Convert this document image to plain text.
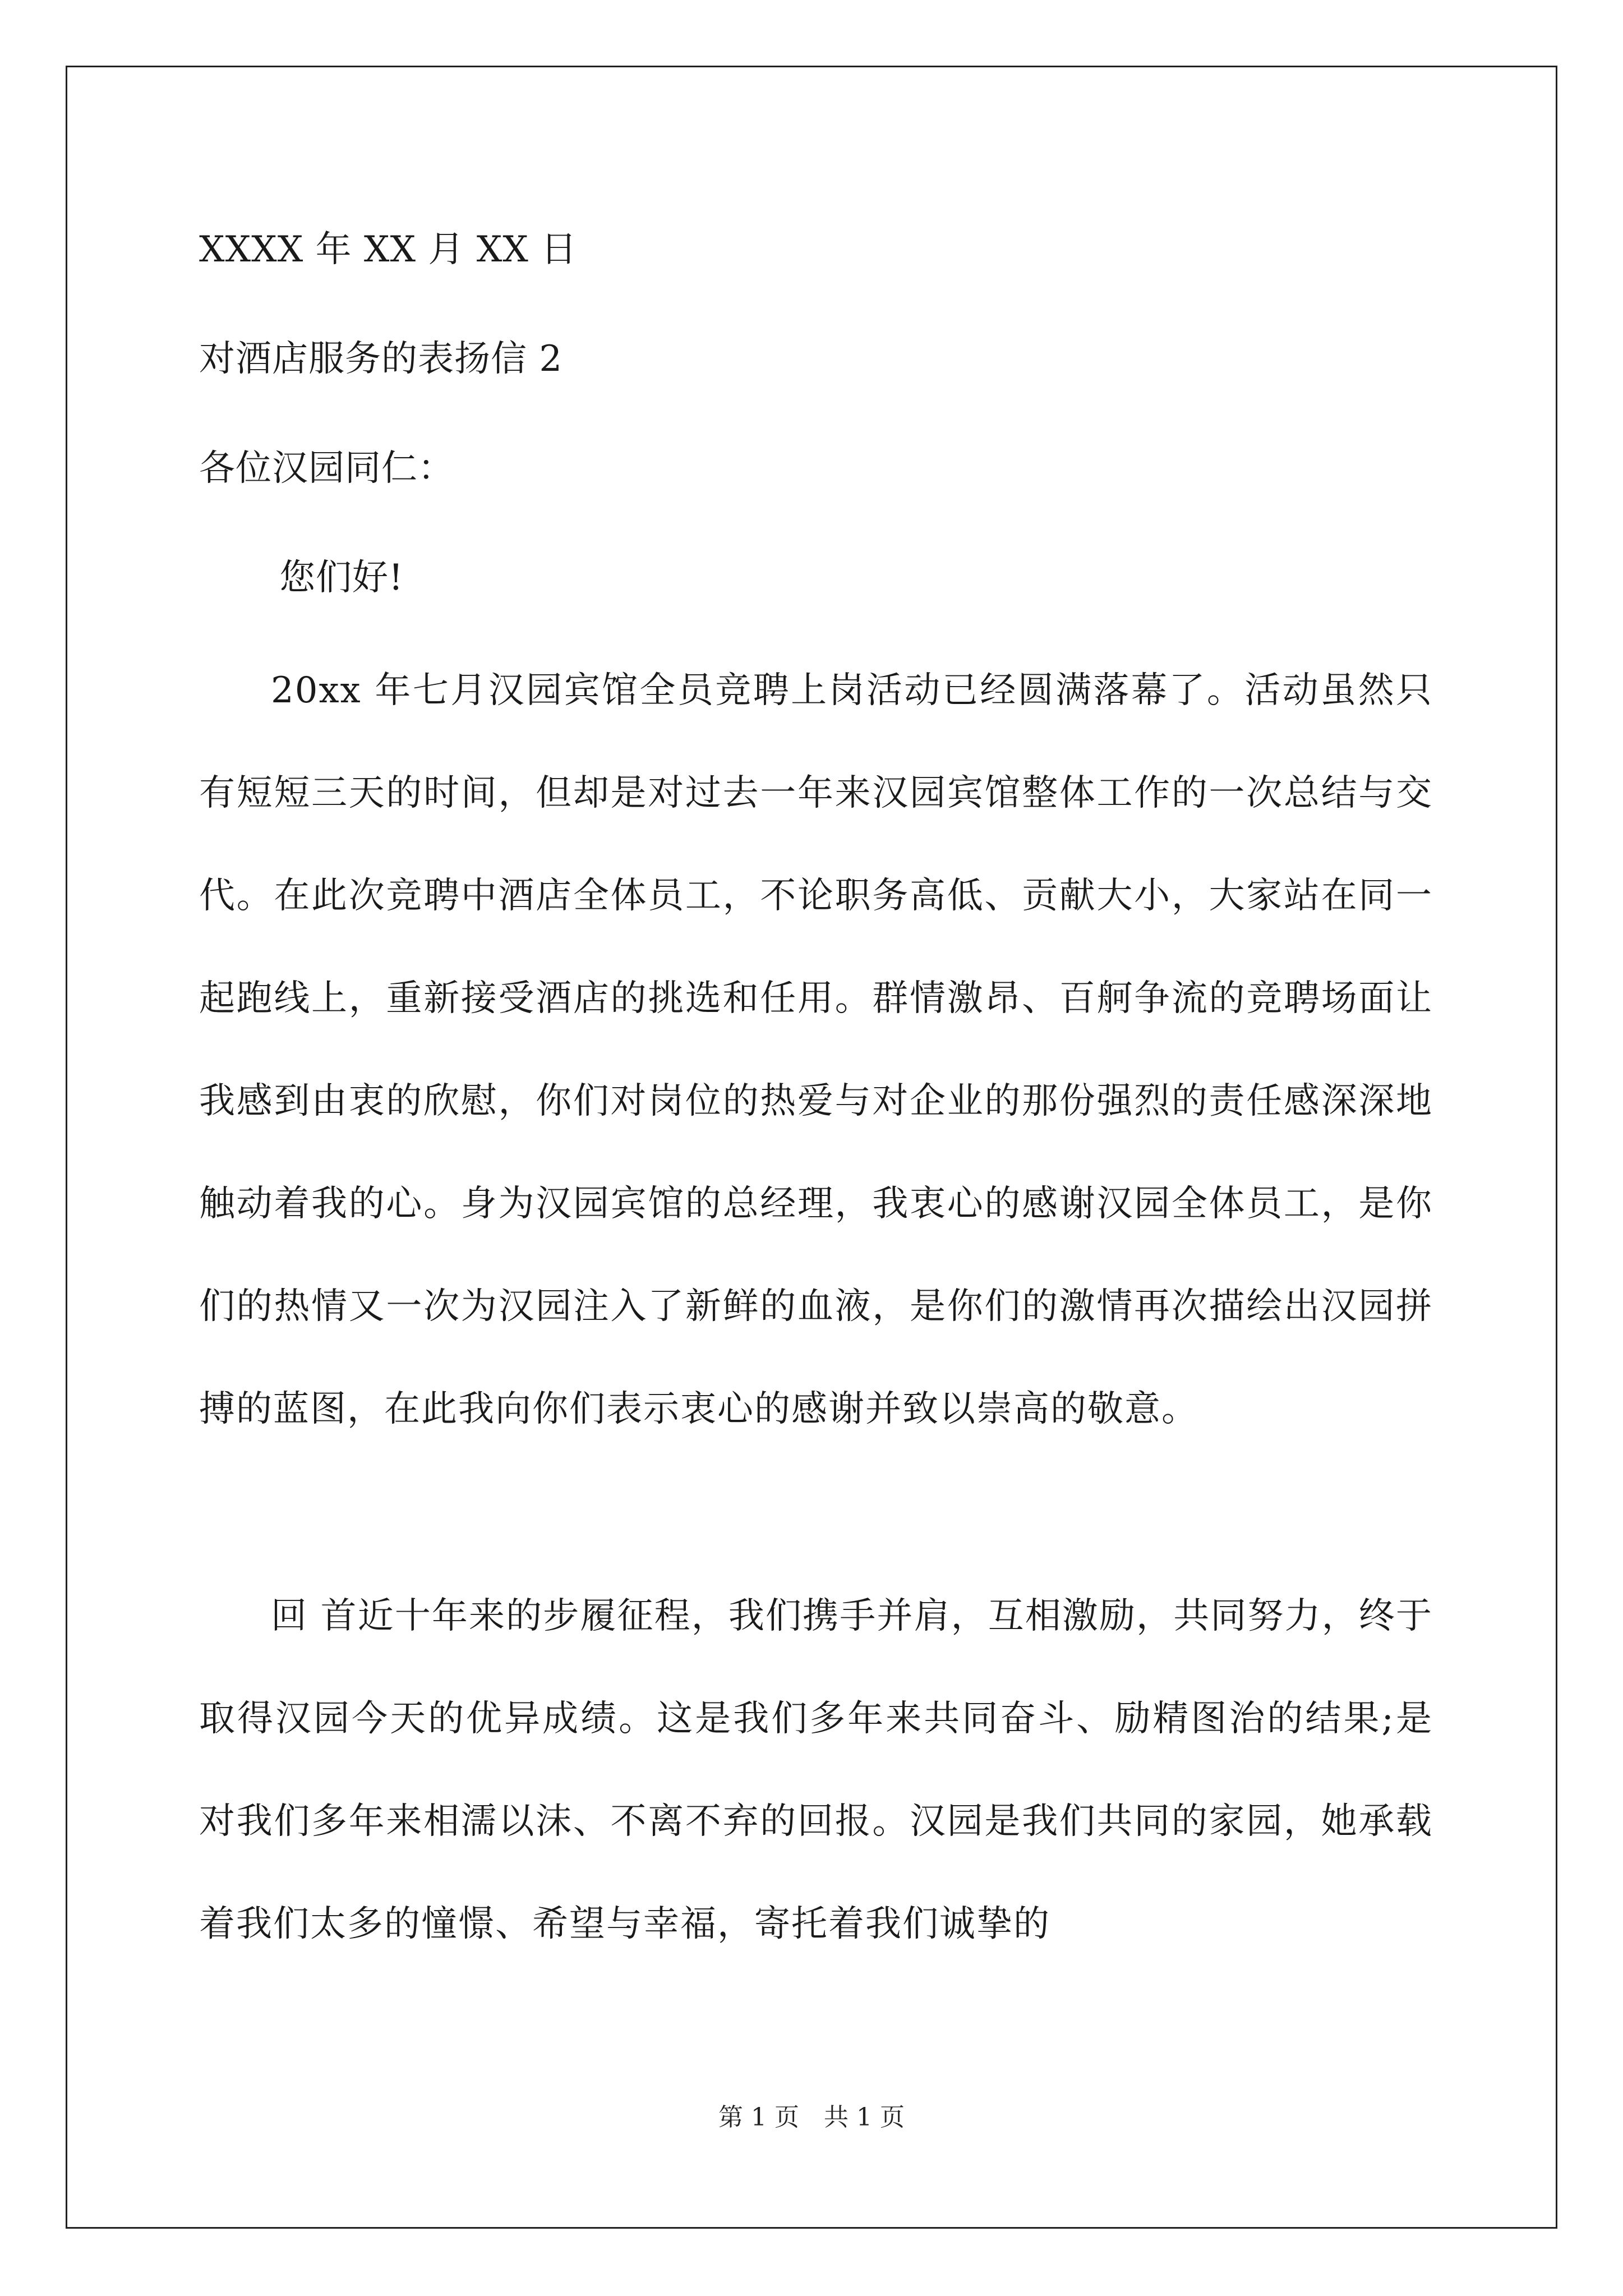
XXXX 年 XX 月 XX 日
对酒店服务的表扬信 2
各位汉园同仁：
您们好!
20xx 年七月汉园宾馆全员竞聘上岗活动已经圆满落幕了。活动虽然只有短短三天的时间，但却是对过去一年来汉园宾馆整体工作的一次总结与交代。在此次竞聘中酒店全体员工，不论职务高低、贡献大小，大家站在同一起跑线上，重新接受酒店的挑选和任用。群情激昂、百舸争流的竞聘场面让我感到由衷的欣慰，你们对岗位的热爱与对企业的那份强烈的责任感深深地触动着我的心。身为汉园宾馆的总经理，我衷心的感谢汉园全体员工，是你们的热情又一次为汉园注入了新鲜的血液，是你们的激情再次描绘出汉园拼搏的蓝图，在此我向你们表示衷心的感谢并致以崇高的敬意。
回 首近十年来的步履征程，我们携手并肩，互相激励，共同努力，终于取得汉园今天的优异成绩。这是我们多年来共同奋斗、励精图治的结果;是对我们多年来相濡以沫、不离不弃的回报。汉园是我们共同的家园，她承载着我们太多的憧憬、希望与幸福，寄托着我们诚挚的
第 1 页　共 1 页
